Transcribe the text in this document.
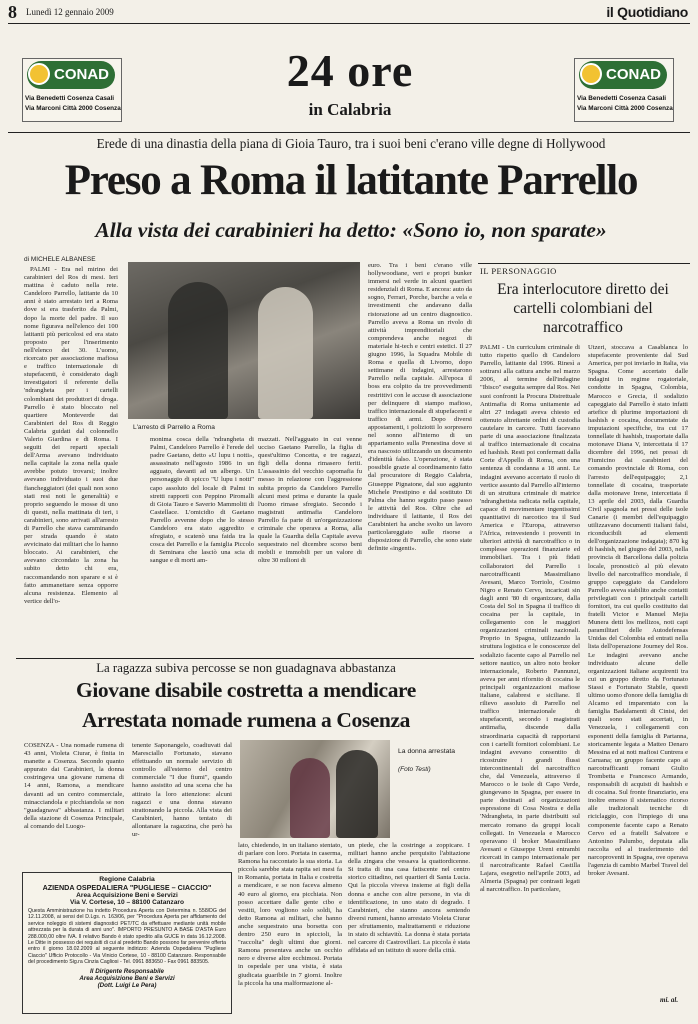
8 Lunedì 12 gennaio 2009	il Quotidiano
CONAD
Via Benedetti Cosenza Casali
Via Marconi Città 2000 Cosenza
24 ore
in Calabria
CONAD
Via Benedetti Cosenza Casali
Via Marconi Città 2000 Cosenza
Erede di una dinastia della piana di Gioia Tauro, tra i suoi beni c'erano ville degne di Hollywood
Preso a Roma il latitante Parrello
Alla vista dei carabinieri ha detto: «Sono io, non sparate»
di MICHELE ALBANESE

PALMI - Era nel mirino dei carabinieri del Ros di mesi. Ieri mattina è caduto nella rete. Candeloro Parrello, latitante da 10 anni è stato arrestato ieri a Roma dove si era trasferito da Palmi, dopo la morte del padre. Il suo nome figurava nell'elenco dei 100 latitanti più pericolosi ed era stato proposto per l'inserimento nell'elenco dei 30. L'uomo, ricercato per associazione mafiosa e traffico internazionale di stupefacenti, è considerato dagli investigatori il referente della 'ndrangheta per i cartelli colombiani dei produttori di droga. Parrello è stato bloccato nel quartiere Monteverde dai Carabinieri del Ros di Reggio Calabria guidati dal colonnello Valerio Giardina e di Roma. I seguiti dei reparti speciali dell'Arma avevano individuato nella capitale la zona nella quale avrebbe potuto trovarsi; inoltre avevano individuato i suoi due fiancheggiatori (dei quali non sono stati resi noti le generalità) e proprio seguendo le mosse di uno di questi, nella mattinata di ieri, i carabinieri, sono arrivati all'arresto di Parrello che stava camminando per strada quando è stato avvicinato dai militari che lo hanno bloccato. Ai carabinieri, che avevano circondato la zona ha subito detto chi era, raccomandando non sparare e si è fatto ammanettare senza opporre alcuna resistenza. Elemento al vertice dell'o-

L'arresto di Parrello a Roma

monima cosca della 'ndrangheta di Palmi, Candeloro Parrello è l'erede del padre Gaetano, detto «U lupu i notti», assassinato nell'agosto 1986 in un agguato, davanti ad un albergo. Un personaggio di spicco "U lupu i notti" capo assoluto del locale di Palmi in stretti rapporti con Peppino Piromalli di Gioia Tauro e Saverio Mammoliti di Castellace. L'omicidio di Gaetano Parrello avvenne dopo che lo stesso Candeloro era stato aggredito e sfregiato, e scatenò una faida tra la cosca dei Parrello e la famiglia Piccolo di Seminara che lasciò una scia di sangue e di morti am-

mazzati. Nell'agguato in cui venne ucciso Gaetano Parrello, la figlia di quest'ultimo Concetta, e tre ragazzi, figli della donna rimasero feriti. L'assassinio del vecchio capomafia fu messo in relazione con l'aggressione subita proprio da Candeloro Parrello alcuni mesi prima e durante la quale l'uomo rimase sfregiato. Secondo i magistrati antimafia Candeloro Parrello fa parte di un'organizzazione criminale che operava a Roma, alla quale la Guardia della Capitale aveva sequestrato nel dicembre scorso beni mobili e immobili per un valore di oltre 30 milioni di

euro. Tra i beni c'erano ville hollywoodiane, veri e propri bunker immersi nel verde in alcuni quartieri residenziali di Roma. E ancora: auto da sogno, Ferrari, Porche, barche a vela e investimenti che andavano dalla ristorazione ad un centro diagnostico. Parrello aveva a Roma un rivolo di attività imprenditoriali che comprendeva anche negozi di materiale hi-tech e centri estetici. Il 27 giugno 1996, la Squadra Mobile di Roma e quella di Livorno, dopo settimane di indagini, arrestarono Parrello nella capitale. All'epoca il boss era colpito da tre provvedimenti restrittivi con le accuse di associazione per delinquere di stampo mafioso, traffico internazionale di stupefacenti e traffico di armi. Dopo diversi appostamenti, i poliziotti lo sorpresero nel sonno all'interno di un appartamento sulla Prenestina dove si era nascosto utilizzando un documento d'identità falso. L'operazione, è stata possibile grazie al coordinamento fatto dal procuratore di Reggio Calabria, Giuseppe Pignatone, dal suo aggiunto Michele Prestipino e dal sostituto Di Palma che hanno seguito passo passo le attività del Ros. Oltre che ad individuare il latitante, il Ros dei Carabinieri ha anche svolto un lavoro particolareggiato sulle risorse a disposizione di Parrello, che sono state definite «ingenti».

IL PERSONAGGIO
Era interlocutore diretto dei cartelli colombiani del narcotraffico

PALMI - Un curriculum criminale di tutto rispetto quello di Candeloro Parrello, latitante dal 1996. Rinesì a sottrarsi alla cattura anche nel marzo 2006, al termine dell'indagine "Ibisco" eseguita sempre dal Ros. Nei suoi confronti la Procura Distrettuale Antimafia di Roma unitamente ad altri 27 indagati aveva chiesto ed ottenuto altrettante ordini di custodia cautelare in carcere. Tutti facevano parte di una associazione finalizzata al traffico internazionale di cocaina ed hashish. Resti poi confermati dalla Corte d'Appello di Roma, con una sentenza di condanna a 18 anni. Le indagini avevano accertato il ruolo di vertice assunto dal Parrello all'interno di un struttura criminale di matrice 'ndranghetista radicata nella capitale, capace di movimentare ingentissimi quantitativi di narcotico tra il Sud America e l'Europa, attraverso l'Africa, reinvestendo i proventi in ulteriori attività di narcotraffico o in complesse operazioni finanziarie ed immobiliari. Tra i più fidati collaboratori del Parrello i narcotrafficanti Massimiliano Avesani, Marco Torriolo, Cosimo Nigro e Renato Cervo, incaricati sin dagli anni '80 di organizzare, dalla Costa del Sol in Spagna il traffico di cocaina per la capitale, in collegamento con le maggiori organizzazioni criminali nazionali. Proprio in Spagna, utilizzando la struttura logistica e le conoscenze del sodalizio facente capo al Parrello nel settore nautico, un altro noto broker internazionale, Roberto Pannunzi, aveva per anni rifornito di cocaina le principali organizzazioni mafiose italiane, calabresi e siciliane. Il rilievo assoluto di Parrello nel traffico internazionale di stupefacenti, secondo i magistrati antimafia, discende dalla straordinaria capacità di rapportarsi con i cartelli fornitori colombiani. Le indagini avevano consentito di ricostruire i grandi flussi intercontinentali del narcotraffico che, dal Venezuela, attraverso il Marocco o le isole di Capo Verde, giungevano in Spagna, per essere in parte destinati ad organizzazioni espressione di Cosa Nostra e della 'Ndrangheta, in parte distribuiti sul mercato romano da gruppi locali collegati. In Venezuela e Marocco operavano il broker Massimiliano Avesani e Giuseppe Ureni entrambi ricercati in campo internazionale per il narcotraficante Rafael Castilla Lajara, esegretio nell'aprile 2003, ad Almeria (Spagna) per contrasti legati al narcotraffico. In particolare,

Utzeri, stoccava a Casablanca lo stupefacente proveniente dal Sud America, per poi inviarlo in Italia, via Spagna. Come accertato dalle indagini in regime rogatoriale, condotte in Spagna, Colombia, Marocco e Grecia, il sodalizio capeggiato dal Parrello è stato infatti artefice di plurime importazioni di hashish e cocaina, documentate da imputazioni specifiche, tra cui 17 tonnellate di hashish, trasportate dalla motonave Diana V, intercettata il 17 dicembre del 1996, nei pressi di Fiumicino dai carabinieri del comando provinciale di Roma, con l'arresto dell'equipaggio; 2,1 tonnellate di cocaina, trasportate dalla motonave Irene, intercettata il 13 aprile del 2003, dalla Guardia Civil spagnola nei pressi delle isole Canarie (i membri dell'equipaggio utilizzavano documenti italiani falsi, riconducibili ad elementi dell'organizzazione indagata); 870 kg di hashish, nel giugno del 2003, nella provincia di Barcellona dalla polizia locale, pronosticò al più elevato livello del narcotraffico mondiale, il gruppo capeggiato da Candeloro Parrello aveva stabilito anche contatti privilegiati con i principali cartelli fornitori, tra cui quello costituito dai fratelli Victor e Manuel Mejia Munera detti los mellizos, noti capi paramilitari delle Autodefensas Unidas del Colombia ed entrati nella lista dell'operazione Journey del Ros. Le indagini avevano anche individuato alcune delle organizzazioni italiane acquirenti tra cui un gruppo diretto da Fortunato Stassi e Fortunato Stabile, questi ultimo uomo d'onore della famiglia di Alcamo ed imparentato con la famiglia Badalamenti di Cinisi, dei quali sono stati accertati, in Venezuela, i collegamenti con esponenti della famiglia di Partanna, storicamente legata a Matteo Denaro Messina ed ai noti mafiosi Cuntrera e Caruana; un gruppo facente capo ai narcotrafficanti romani Giulio Trombetta e Francesco Armando, responsabili di acquisti di hashish e di cocaina. Sul fronte finanziario, era inoltre emerso il sistematico ricorso alle tradizionali tecniche di riciclaggio, con l'impiego di una componente facente capo a Renato Cervo ed a fratelli Salvatore e Antonino Palumbo, deputata alla raccolta ed al trasferimento del narcoproventi in Spagna, ove operava l'agenzia di cambio Marbel Travel del broker Avesani.

mi. al.
La ragazza subiva percosse se non guadagnava abbastanza
Giovane disabile costretta a mendicare
Arrestata nomade rumena a Cosenza

COSENZA - Una nomade rumena di 43 anni, Violeta Ciurar, è finita in manette a Cosenza. Secondo quanto appurato dai Carabinieri, la donna costringeva una giovane rumena di 14 anni, Ramona, a mendicare davanti ad un centro commerciale, minacciandola e picchiandola se non "guadagnava" abbastanza. I militari della stazione di Cosenza Principale, al comando del Luogo-

tenente Saponangelo, coadiuvati dal Maresciallo Fortunato, stavano effettuando un normale servizio di controllo all'esterno del centro commerciale "I due fiumi", quando hanno assistito ad una scena che ha attirato la loro attenzione: alcuni ragazzi e una donna stavano strattonando la piccola. Alla vista dei Carabinieri, hanno tentato di allontanare la ragazzina, che però ha ur-

La donna arrestata
(Foto Testi)
Regione Calabria
AZIENDA OSPEDALIERA "PUGLIESE – CIACCIO"
Area Acquisizione Beni e Servizi
Via V. Cortese, 10 – 88100 Catanzaro
Questa Amministrazione ha indetto Procedura Aperta con Determina n. 558/DG del 12.11.2008, ai sensi del D.Lgs. n. 163/06, per "Procedura Aperta per affidamento del service noleggio di sistemi diagnostici PET/TC da effettuare mediante unità mobile attrezzata per la durata di anni uno". IMPORTO PRESUNTO A BASE D'ASTA Euro 288.000,00 oltre IVA. Il relativo Bando è stato spedito alla GUCE in data 16.12.2008. Le Ditte in possesso dei requisiti di cui al predetto Bando possono far pervenire offerta entro il giorno 18.02.2009 al seguente indirizzo: Azienda Ospedaliera "Pugliese Ciaccio" Ufficio Protocollo - Via Vinicio Cortese, 10 - 88100 Catanzaro. Responsabile del procedimento Sig.ra Cinzia Cagliosi - Tel. 0961 883650 - Fax 0961 883505.
Il Dirigente Responsabile
Area Acquisizione Beni e Servizi
(Dott. Luigi Le Pera)

lato, chiedendo, in un italiano stentato, di parlare con loro. Portata in caserma, Ramona ha raccontato la sua storia. La piccola sarebbe stata rapita sei mesi fa in Romania, portata in Italia e costretta a mendicare, e se non faceva almeno 40 euro al giorno, era picchiata. Non posso accettare dalle gente cibo e vestiti, loro vogliono solo soldi, ha detto Ramona ai militari, che hanno anche sequestrato una borsetta con dentro 250 euro in spiccioli, la "raccolta" degli ultimi due giorni. Ramona presentava anche un occhio nero e diverse altre ecchimosi. Portata in ospedale per una visita, è stata giudicata guaribile in 7 giorni. Inoltre la piccola ha una malformazione al-

un piede, che la costringe a zoppicare. I militari hanno anche perquisito l'abitazione della zingara che vessava la quattordicenne. Si tratta di una casa fatiscente nel centro storico cittadino, nei quartieri di Santa Lucia. Qui la piccola viveva insieme ai figli della donna e anche con altre persone, in via di identificazione, in uno stato di degrado. I Carabinieri, che stanno ancora sentendo diversi rumeni, hanno arrestato Violeta Ciurar per sfruttamento, maltrattamenti e riduzione in stato di schiavitù. La donna è stata portata nel carcere di Castrovillari. La piccola è stata affidata ad un istituto di suore della città.
